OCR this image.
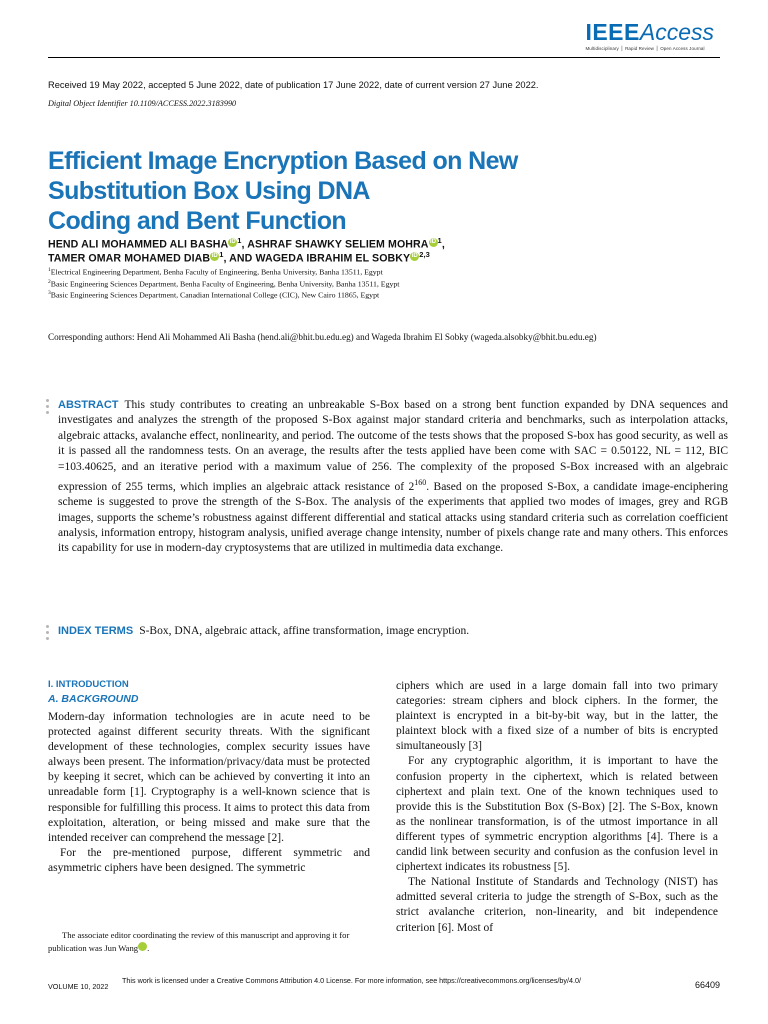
IEEEAccess
Multidisciplinary ⎪ Rapid Review ⎪ Open Access Journal
Received 19 May 2022, accepted 5 June 2022, date of publication 17 June 2022, date of current version 27 June 2022.
Digital Object Identifier 10.1109/ACCESS.2022.3183990
Efficient Image Encryption Based on New
Substitution Box Using DNA
Coding and Bent Function
HEND ALI MOHAMMED ALI BASHAiD$^1$, ASHRAF SHAWKY SELIEM MOHRAiD$^1$,
TAMER OMAR MOHAMED DIABiD$^1$, AND WAGEDA IBRAHIM EL SOBKYiD$^{2,3}$
$^1$Electrical Engineering Department, Benha Faculty of Engineering, Benha University, Banha 13511, Egypt
$^2$Basic Engineering Sciences Department, Benha Faculty of Engineering, Benha University, Banha 13511, Egypt
$^3$Basic Engineering Sciences Department, Canadian International College (CIC), New Cairo 11865, Egypt
Corresponding authors: Hend Ali Mohammed Ali Basha (hend.ali@bhit.bu.edu.eg) and Wageda Ibrahim El Sobky (wageda.alsobky@bhit.bu.edu.eg)
ABSTRACT This study contributes to creating an unbreakable S-Box based on a strong bent function expanded by DNA sequences and investigates and analyzes the strength of the proposed S-Box against major standard criteria and benchmarks, such as interpolation attacks, algebraic attacks, avalanche effect, nonlinearity, and period. The outcome of the tests shows that the proposed S-box has good security, as well as it is passed all the randomness tests. On an average, the results after the tests applied have been come with SAC = 0.50122, NL = 112, BIC =103.40625, and an iterative period with a maximum value of 256. The complexity of the proposed S-Box increased with an algebraic expression of 255 terms, which implies an algebraic attack resistance of $2^{160}$. Based on the proposed S-Box, a candidate image-enciphering scheme is suggested to prove the strength of the S-Box. The analysis of the experiments that applied two modes of images, grey and RGB images, supports the scheme’s robustness against different differential and statical attacks using standard criteria such as correlation coefficient analysis, information entropy, histogram analysis, unified average change intensity, number of pixels change rate and many others. This enforces its capability for use in modern-day cryptosystems that are utilized in multimedia data exchange.
INDEX TERMS S-Box, DNA, algebraic attack, affine transformation, image encryption.
I. INTRODUCTION
A. BACKGROUND

Modern-day information technologies are in acute need to be protected against different security threats. With the significant development of these technologies, complex security issues have always been present. The information/privacy/data must be protected by keeping it secret, which can be achieved by converting it into an unreadable form [1]. Cryptography is a well-known science that is responsible for fulfilling this process. It aims to protect this data from exploitation, alteration, or being missed and make sure that the intended receiver can comprehend the message [2].

For the pre-mentioned purpose, different symmetric and asymmetric ciphers have been designed. The symmetric

The associate editor coordinating the review of this manuscript and approving it for publication was Jun Wang iD.

ciphers which are used in a large domain fall into two primary categories: stream ciphers and block ciphers. In the former, the plaintext is encrypted in a bit-by-bit way, but in the latter, the plaintext block with a fixed size of a number of bits is encrypted simultaneously [3]

For any cryptographic algorithm, it is important to have the confusion property in the ciphertext, which is related between ciphertext and plain text. One of the known techniques used to provide this is the Substitution Box (S-Box) [2]. The S-Box, known as the nonlinear transformation, is of the utmost importance in all different types of symmetric encryption algorithms [4]. There is a candid link between security and confusion as the confusion level in ciphertext indicates its robustness [5].

The National Institute of Standards and Technology (NIST) has admitted several criteria to judge the strength of S-Box, such as the strict avalanche criterion, non-linearity, and bit independence criterion [6]. Most of

VOLUME 10, 2022
This work is licensed under a Creative Commons Attribution 4.0 License. For more information, see https://creativecommons.org/licenses/by/4.0/	66409
